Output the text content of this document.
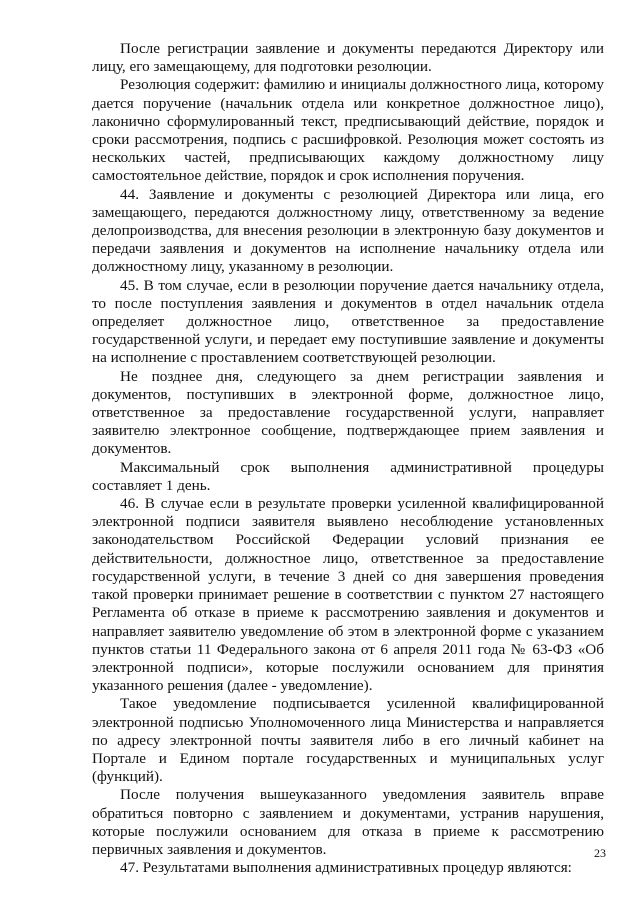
После регистрации заявление и документы передаются Директору или лицу, его замещающему, для подготовки резолюции.

Резолюция содержит: фамилию и инициалы должностного лица, которому дается поручение (начальник отдела или конкретное должностное лицо), лаконично сформулированный текст, предписывающий действие, порядок и сроки рассмотрения, подпись с расшифровкой. Резолюция может состоять из нескольких частей, предписывающих каждому должностному лицу самостоятельное действие, порядок и срок исполнения поручения.

44. Заявление и документы с резолюцией Директора или лица, его замещающего, передаются должностному лицу, ответственному за ведение делопроизводства, для внесения резолюции в электронную базу документов и передачи заявления и документов на исполнение начальнику отдела или должностному лицу, указанному в резолюции.

45. В том случае, если в резолюции поручение дается начальнику отдела, то после поступления заявления и документов в отдел начальник отдела определяет должностное лицо, ответственное за предоставление государственной услуги, и передает ему поступившие заявление и документы на исполнение с проставлением соответствующей резолюции.

Не позднее дня, следующего за днем регистрации заявления и документов, поступивших в электронной форме, должностное лицо, ответственное за предоставление государственной услуги, направляет заявителю электронное сообщение, подтверждающее прием заявления и документов.

Максимальный срок выполнения административной процедуры составляет 1 день.

46. В случае если в результате проверки усиленной квалифицированной электронной подписи заявителя выявлено несоблюдение установленных законодательством Российской Федерации условий признания ее действительности, должностное лицо, ответственное за предоставление государственной услуги, в течение 3 дней со дня завершения проведения такой проверки принимает решение в соответствии с пунктом 27 настоящего Регламента об отказе в приеме к рассмотрению заявления и документов и направляет заявителю уведомление об этом в электронной форме с указанием пунктов статьи 11 Федерального закона от 6 апреля 2011 года № 63-ФЗ «Об электронной подписи», которые послужили основанием для принятия указанного решения (далее - уведомление).

Такое уведомление подписывается усиленной квалифицированной электронной подписью Уполномоченного лица Министерства и направляется по адресу электронной почты заявителя либо в его личный кабинет на Портале и Едином портале государственных и муниципальных услуг (функций).

После получения вышеуказанного уведомления заявитель вправе обратиться повторно с заявлением и документами, устранив нарушения, которые послужили основанием для отказа в приеме к рассмотрению первичных заявления и документов.

47. Результатами выполнения административных процедур являются:

23
